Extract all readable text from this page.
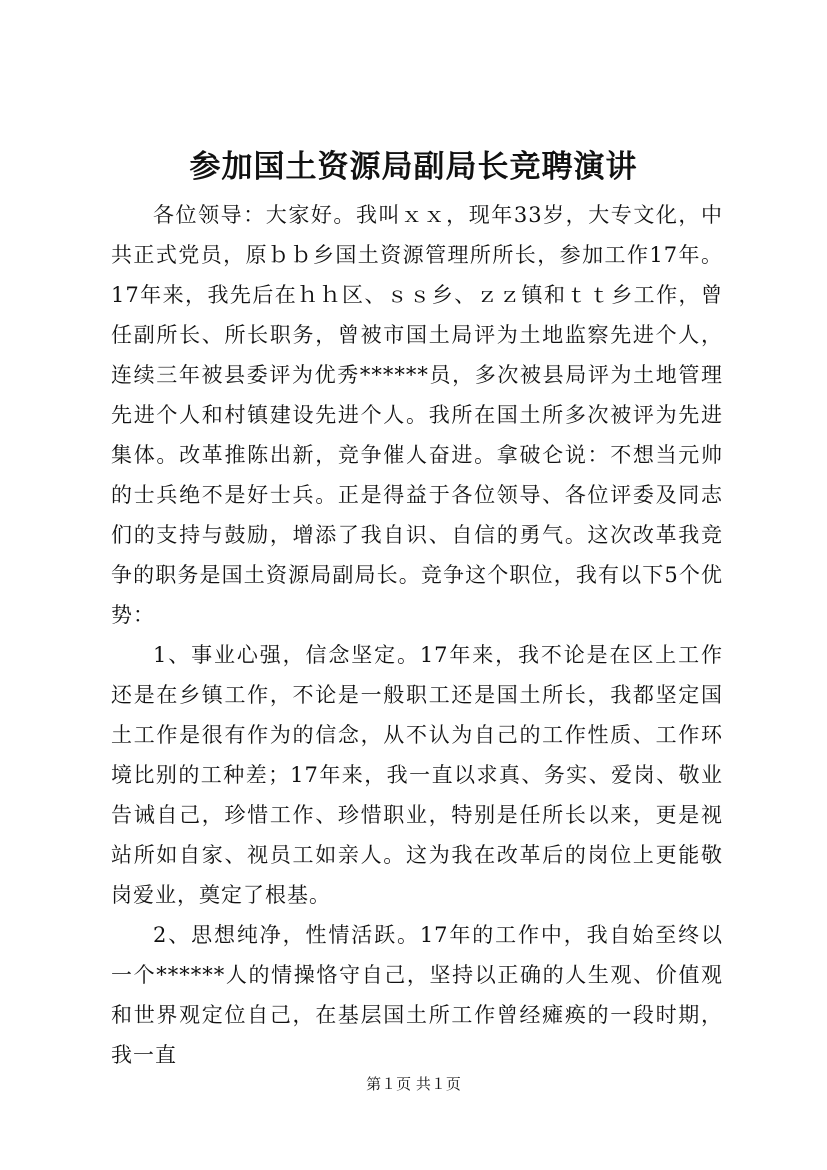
参加国土资源局副局长竞聘演讲

各位领导：大家好。我叫ｘｘ，现年33岁，大专文化，中共正式党员，原ｂｂ乡国土资源管理所所长，参加工作17年。17年来，我先后在ｈｈ区、ｓｓ乡、ｚｚ镇和ｔｔ乡工作，曾任副所长、所长职务，曾被市国土局评为土地监察先进个人，连续三年被县委评为优秀******员，多次被县局评为土地管理先进个人和村镇建设先进个人。我所在国土所多次被评为先进集体。改革推陈出新，竞争催人奋进。拿破仑说：不想当元帅的士兵绝不是好士兵。正是得益于各位领导、各位评委及同志们的支持与鼓励，增添了我自识、自信的勇气。这次改革我竞争的职务是国土资源局副局长。竞争这个职位，我有以下5个优势：

1、事业心强，信念坚定。17年来，我不论是在区上工作还是在乡镇工作，不论是一般职工还是国土所长，我都坚定国土工作是很有作为的信念，从不认为自己的工作性质、工作环境比别的工种差；17年来，我一直以求真、务实、爱岗、敬业告诫自己，珍惜工作、珍惜职业，特别是任所长以来，更是视站所如自家、视员工如亲人。这为我在改革后的岗位上更能敬岗爱业，奠定了根基。

2、思想纯净，性情活跃。17年的工作中，我自始至终以一个******人的情操恪守自己，坚持以正确的人生观、价值观和世界观定位自己，在基层国土所工作曾经瘫痪的一段时期，我一直

第１页 共１页
